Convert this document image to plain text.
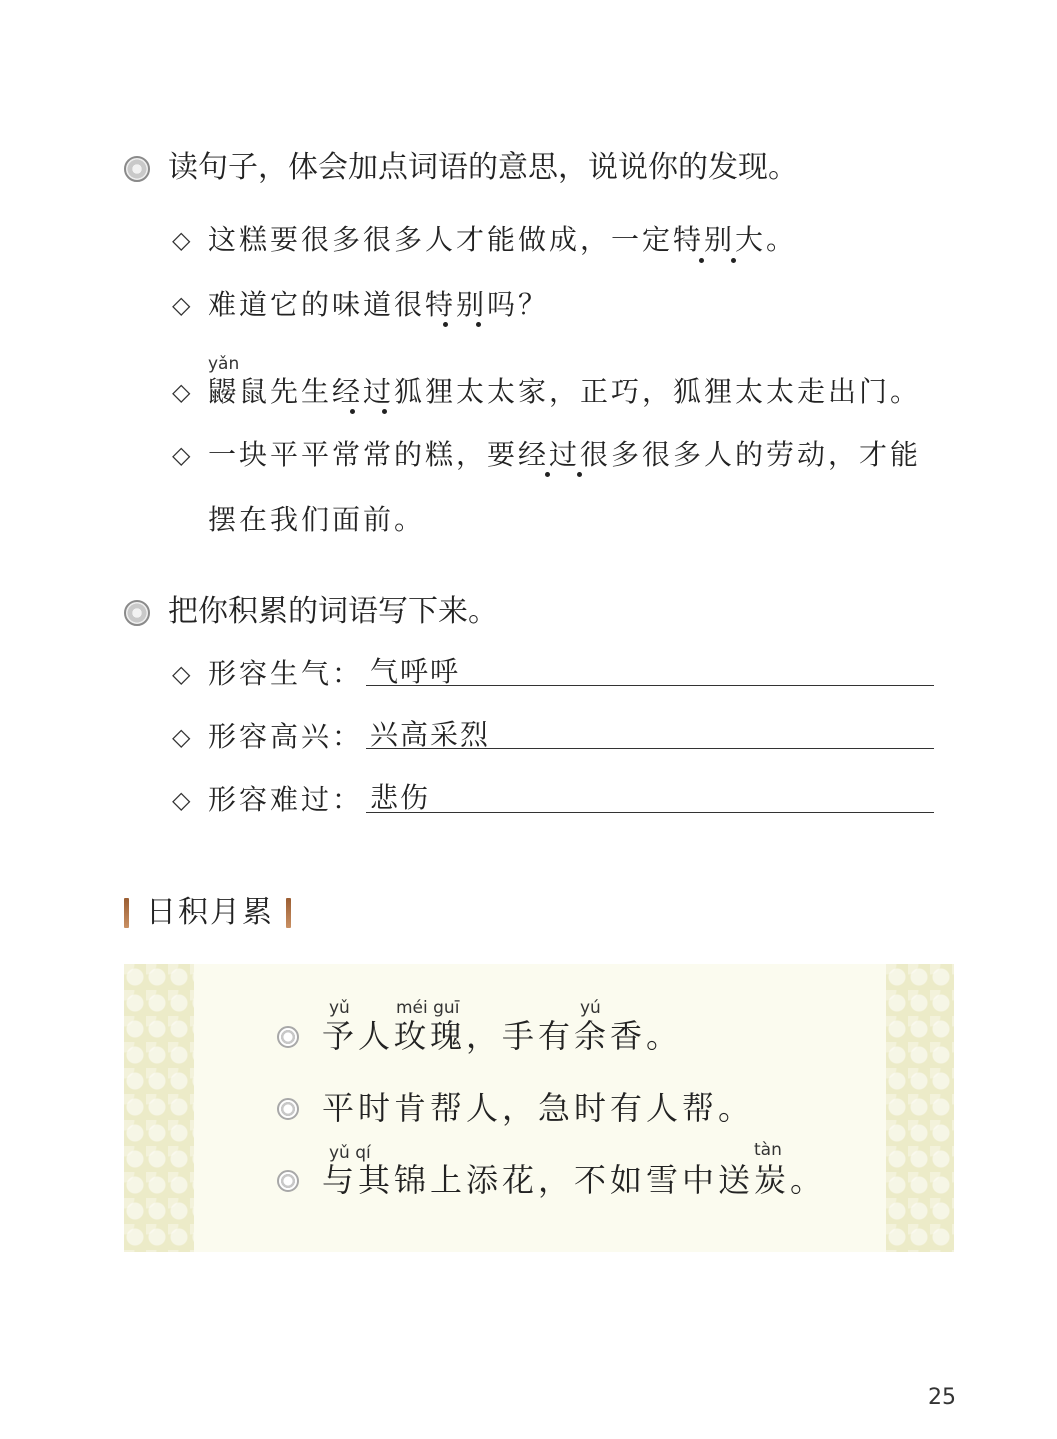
读句子，体会加点词语的意思，说说你的发现。
◇ 这糕要很多很多人才能做成，一定特别大。
◇ 难道它的味道很特别吗？
yǎn
◇ 鼹鼠先生经过狐狸太太家，正巧，狐狸太太走出门。
◇ 一块平平常常的糕，要经过很多很多人的劳动，才能
摆在我们面前。
把你积累的词语写下来。
◇ 形容生气： 气呼呼
◇ 形容高兴： 兴高采烈
◇ 形容难过： 悲伤
日积月累
yǔ	méi guī	yú
予人玫瑰，手有余香。
平时肯帮人，急时有人帮。
yǔ qí	tàn
与其锦上添花，不如雪中送炭。
25
